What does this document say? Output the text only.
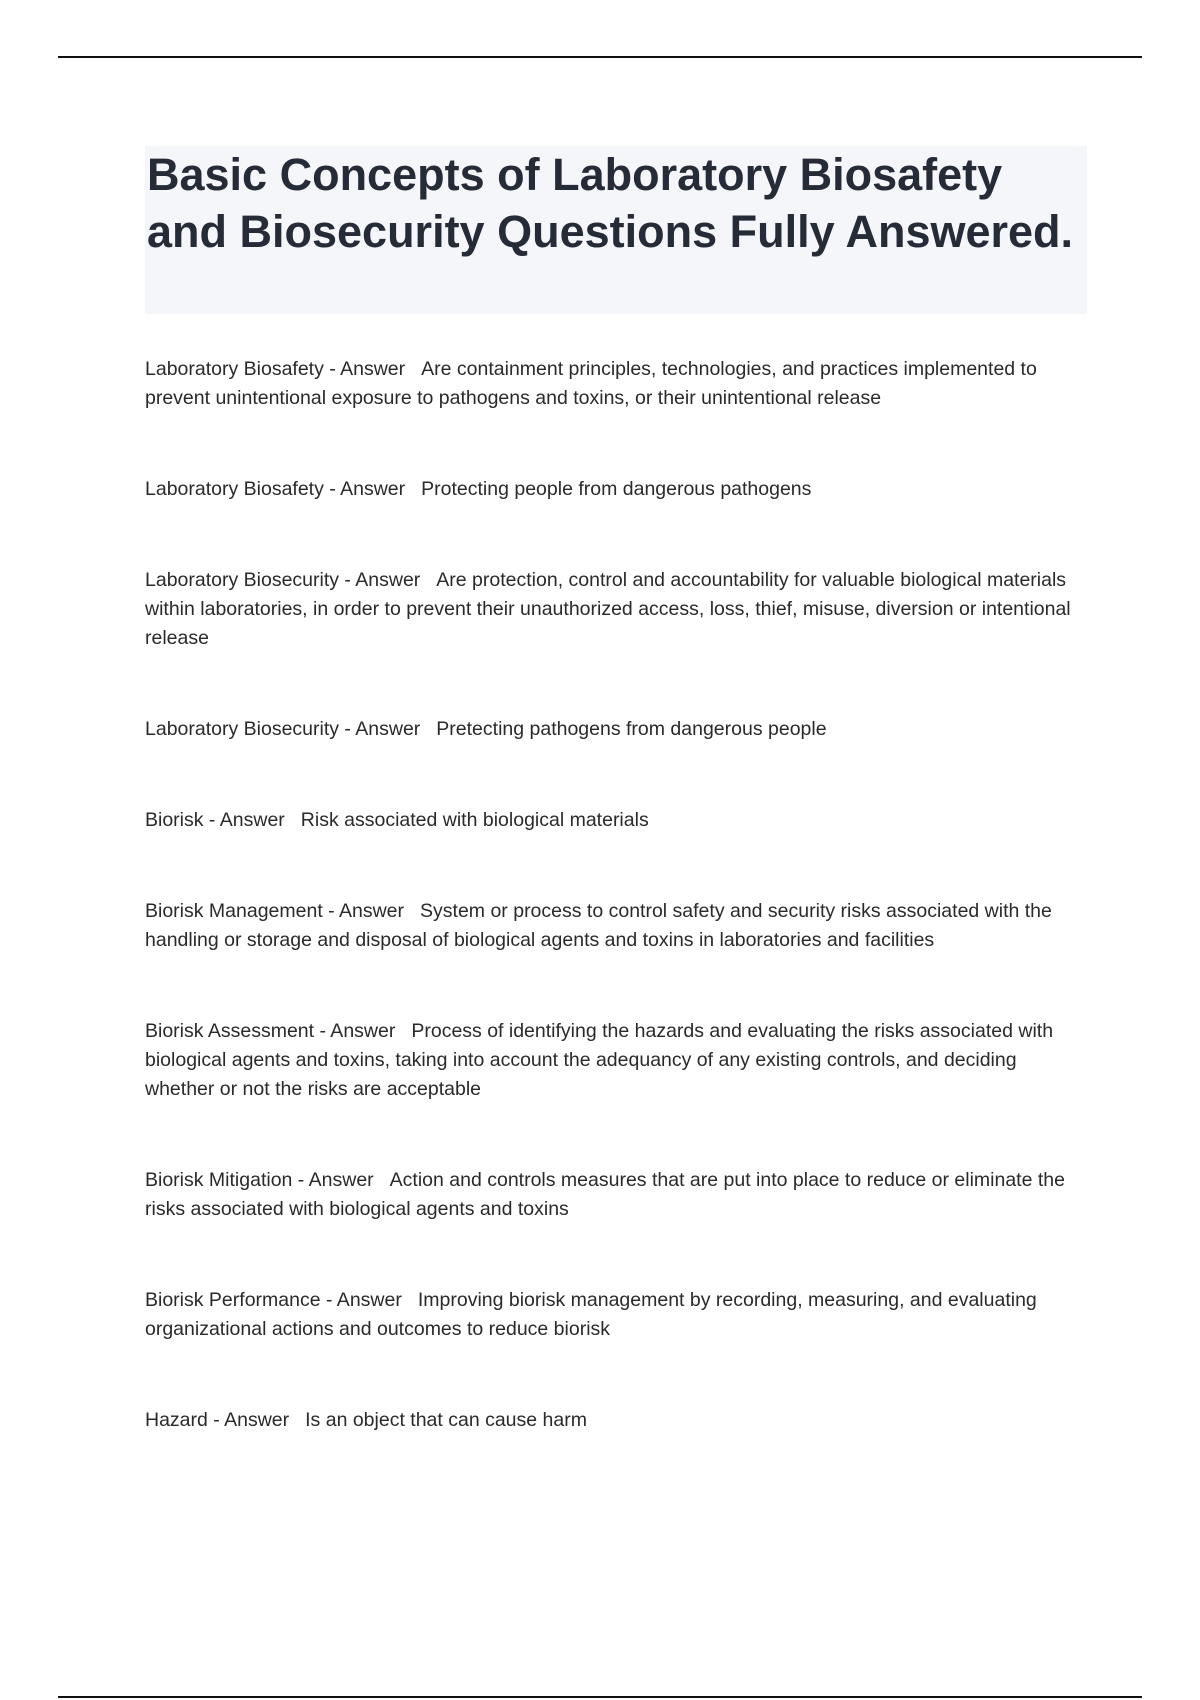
Basic Concepts of Laboratory Biosafety and Biosecurity Questions Fully Answered.

Laboratory Biosafety - Answer Are containment principles, technologies, and practices implemented to prevent unintentional exposure to pathogens and toxins, or their unintentional release

Laboratory Biosafety - Answer Protecting people from dangerous pathogens

Laboratory Biosecurity - Answer Are protection, control and accountability for valuable biological materials within laboratories, in order to prevent their unauthorized access, loss, thief, misuse, diversion or intentional release

Laboratory Biosecurity - Answer Pretecting pathogens from dangerous people

Biorisk - Answer Risk associated with biological materials

Biorisk Management - Answer System or process to control safety and security risks associated with the handling or storage and disposal of biological agents and toxins in laboratories and facilities

Biorisk Assessment - Answer Process of identifying the hazards and evaluating the risks associated with biological agents and toxins, taking into account the adequancy of any existing controls, and deciding whether or not the risks are acceptable

Biorisk Mitigation - Answer Action and controls measures that are put into place to reduce or eliminate the risks associated with biological agents and toxins

Biorisk Performance - Answer Improving biorisk management by recording, measuring, and evaluating organizational actions and outcomes to reduce biorisk

Hazard - Answer Is an object that can cause harm
